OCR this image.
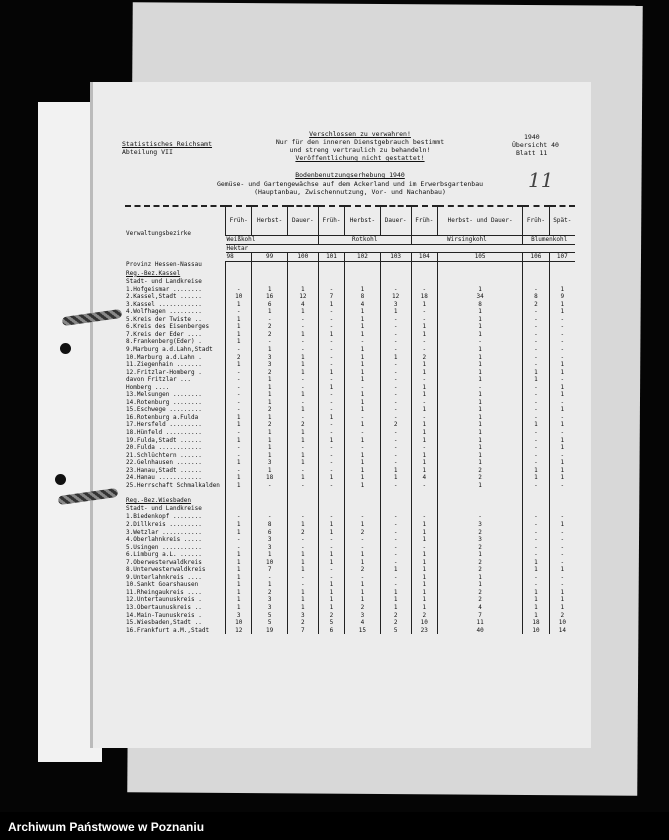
Statistisches Reichsamt
Abteilung VII
Verschlossen zu verwahren!
Nur für den inneren Dienstgebrauch bestimmt
und streng vertraulich zu behandeln!
Veröffentlichung nicht gestattet!
1940
Übersicht 40
Blatt 11
Bodenbenutzungserhebung 1940
Gemüse- und Gartengewächse auf dem Ackerland und im Erwerbsgartenbau
(Hauptanbau, Zwischennutzung, Vor- und Nachanbau)	11
Verwaltungsbezirke	Früh-	Herbst-	Dauer-	Früh-	Herbst-	Dauer-	Früh-	Herbst- und Dauer-	Früh-	Spät-
	Weißkohl			Rotkohl			Wirsingkohl		Blumenkohl	
	Hektar									
	98	99	100	101	102	103	104	105	106	107
Provinz Hessen-Nassau										
Reg.-Bez.Kassel										
Stadt- und Landkreise										
1.Hofgeismar ........	-	1	1	-	1	-	-	1	-	1
2.Kassel,Stadt ......	10	16	12	7	8	12	18	34	8	9
3.Kassel ............	1	6	4	1	4	3	1	8	2	1
4.Wolfhagen .........	-	1	1	-	1	1	-	1	-	1
5.Kreis der Twiste ..	1	-	-	-	1	-	-	1	-	-
6.Kreis des Eisenberges	1	2	-	-	1	-	1	1	-	-
7.Kreis der Eder ....	1	2	1	1	1	-	1	1	-	-
8.Frankenberg(Eder) .	1	-	-	-	-	-	-	-	-	-
9.Marburg a.d.Lahn,Stadt	-	1	-	-	1	-	-	1	-	-
10.Marburg a.d.Lahn .	2	3	1	-	1	1	2	1	-	-
11.Ziegenhain .......	1	3	1	-	1	-	1	1	-	1
12.Fritzlar-Homberg .	-	2	1	1	1	-	1	1	1	1
davon Fritzlar ...	-	1	-	-	1	-	-	1	1	-
Homberg ....	-	1	-	1	-	-	1	-	-	1
13.Melsungen ........	-	1	1	-	1	-	1	1	-	1
14.Rotenburg ........	-	1	-	-	1	-	-	1	-	-
15.Eschwege .........	-	2	1	-	1	-	1	1	-	1
16.Rotenburg a.Fulda	1	1	-	1	-	-	-	1	-	-
17.Hersfeld .........	1	2	2	-	1	2	1	1	1	1
18.Hünfeld ..........	-	1	1	-	-	-	1	1	-	-
19.Fulda,Stadt ......	1	1	1	1	1	-	1	1	-	1
20.Fulda ............	-	1	-	-	-	-	-	1	-	1
21.Schlüchtern ......	-	1	1	-	1	-	1	1	-	-
22.Gelnhausen .......	1	3	1	-	1	-	1	1	-	1
23.Hanau,Stadt ......	-	1	-	-	1	1	1	2	1	1
24.Hanau ............	1	18	1	1	1	1	4	2	1	1
25.Herrschaft Schmalkalden	1	-	-	-	1	-	-	1	-	-

Reg.-Bez.Wiesbaden										
Stadt- und Landkreise										
1.Biedenkopf ........	-	-	-	-	-	-	-	-	-	-
2.Dillkreis .........	1	8	1	1	1	-	1	3	-	1
3.Wetzlar ...........	1	6	2	1	2	-	1	2	-	-
4.Oberlahnkreis .....	-	3	-	-	-	-	1	3	-	-
5.Usingen ...........	-	3	-	-	-	-	-	2	-	-
6.Limburg a.L. ......	1	1	1	1	1	-	1	1	-	-
7.Oberwesterwaldkreis	1	10	1	1	1	-	1	2	1	-
8.Unterwesterwaldkreis	1	7	1	-	2	1	1	2	1	1
9.Unterlahnkreis ....	1	-	-	-	-	-	1	1	-	-
10.Sankt Goarshausen	1	1	-	1	1	-	1	1	-	-
11.Rheingaukreis ....	1	2	1	1	1	1	1	2	1	1
12.Untertaunuskreis .	1	3	1	1	1	1	1	2	1	1
13.Obertaunuskreis ..	1	3	1	1	2	1	1	4	1	1
14.Main-Taunuskreis .	3	5	3	2	3	2	2	7	1	2
15.Wiesbaden,Stadt ..	10	5	2	5	4	2	10	11	18	10
16.Frankfurt a.M.,Stadt	12	19	7	6	15	5	23	40	10	14
Archiwum Państwowe w Poznaniu
